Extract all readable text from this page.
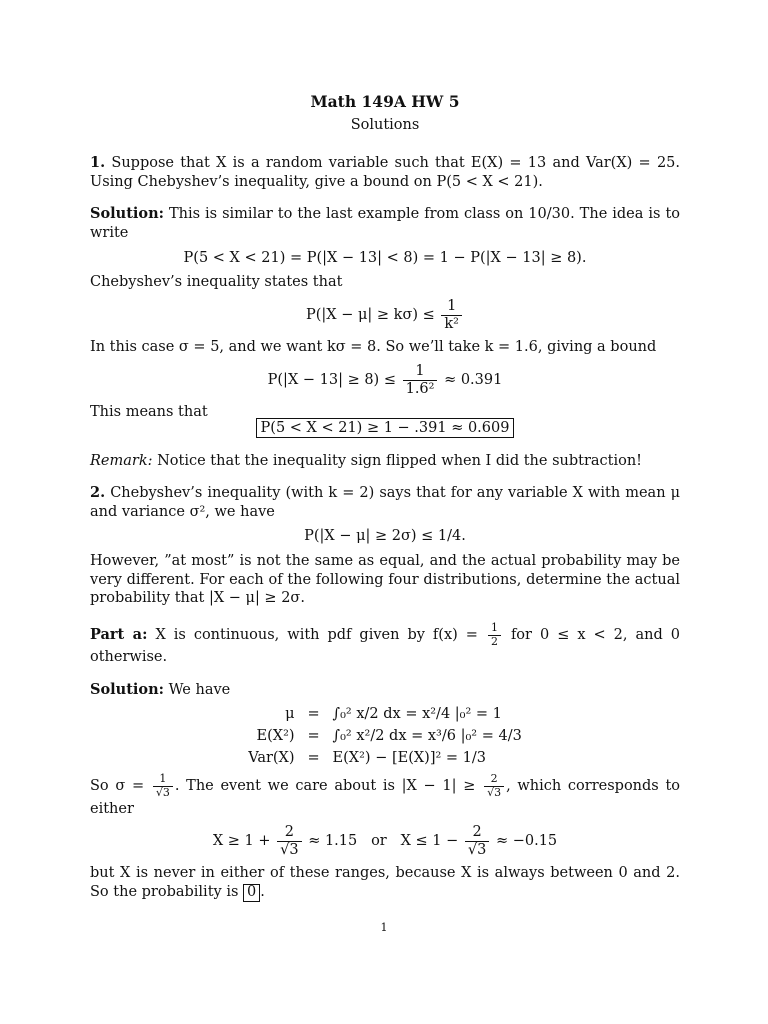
Math 149A HW 5

Solutions

1. Suppose that X is a random variable such that E(X) = 13 and Var(X) = 25. Using Chebyshev’s inequality, give a bound on P(5 < X < 21).

Solution: This is similar to the last example from class on 10/30. The idea is to write

P(5 < X < 21) = P(|X − 13| < 8) = 1 − P(|X − 13| ≥ 8).

Chebyshev’s inequality states that

$P(|X - \mu| \ge k\sigma) \le \frac{1}{\text{k²}}$

In this case σ = 5, and we want kσ = 8. So we’ll take k = 1.6, giving a bound

$P(|X - 13| \ge 8) \le \frac{1}{\text{1.6²}} \approx 0.391$

This means that

P(5 < X < 21) ≥ 1 − .391 ≈ 0.609

Remark: Notice that the inequality sign flipped when I did the subtraction!

2. Chebyshev’s inequality (with k = 2) says that for any variable X with mean μ and variance σ², we have

P(|X − μ| ≥ 2σ) ≤ 1/4.

However, ”at most” is not the same as equal, and the actual probability may be very different. For each of the following four distributions, determine the actual probability that |X − μ| ≥ 2σ.

Part a: X is continuous, with pdf given by $f(x) = \frac{1}{2}$ for 0 ≤ x < 2, and 0 otherwise.

Solution: We have

μ	=	∫₀² x/2 dx = x²/4 |₀² = 1
E(X²)	=	∫₀² x²/2 dx = x³/6 |₀² = 4/3
Var(X)	=	E(X²) − [E(X)]² = 1/3

So $\sigma = \frac{1}{√3}$ . The event we care about is $|X - 1| \ge \frac{2}{√3}$ , which corresponds to either

$X \ge 1 + \frac{2}{√3} \approx 1.15$ or $X \le 1 - \frac{2}{√3} \approx -0.15$

but X is never in either of these ranges, because X is always between 0 and 2. So the probability is 0 .

1
